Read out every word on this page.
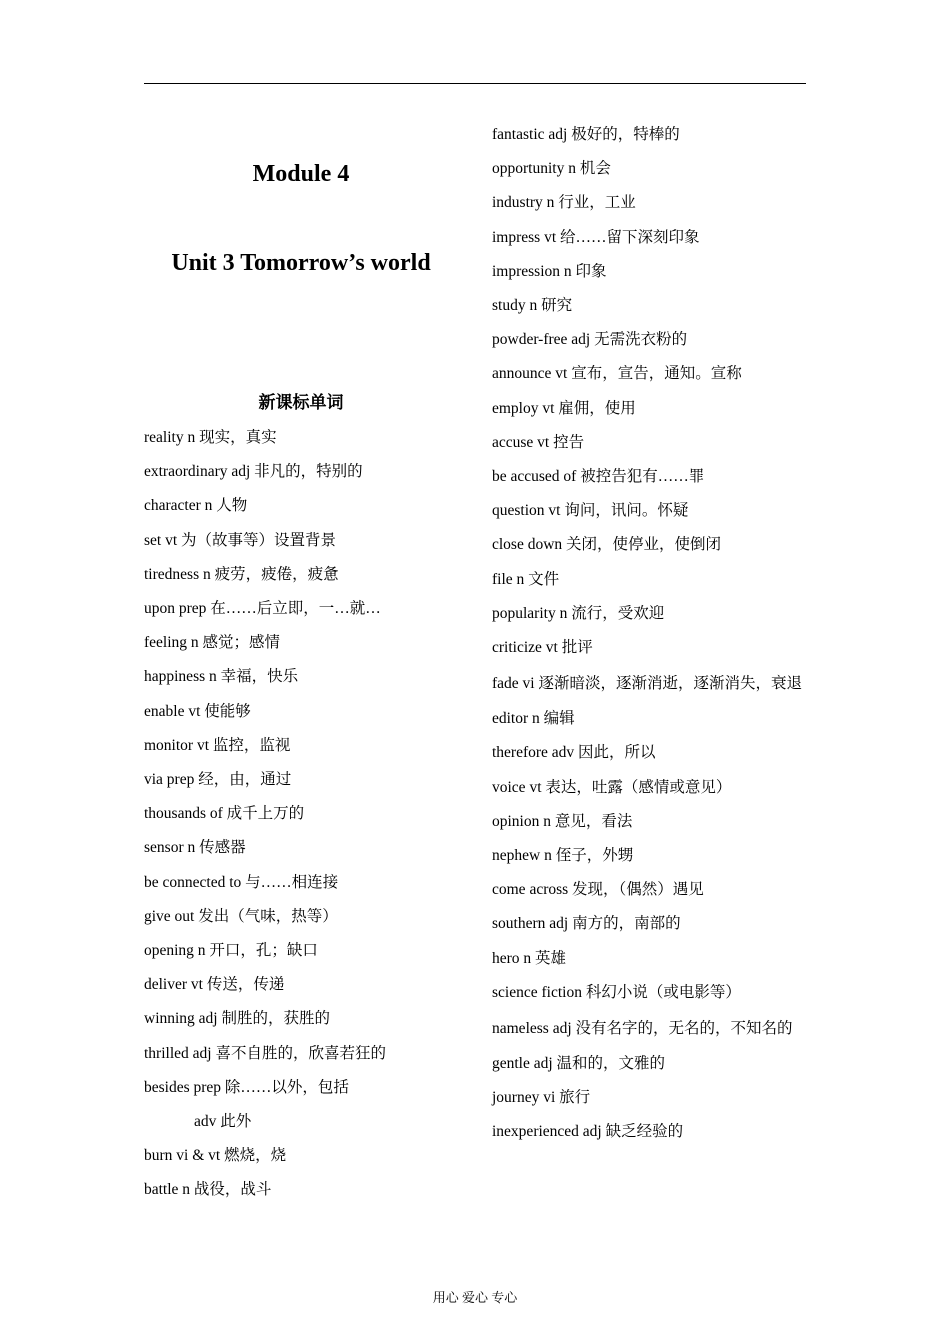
Module 4
Unit 3 Tomorrow’s world
新课标单词
reality n 现实，真实
extraordinary adj 非凡的，特别的
character n 人物
set vt 为（故事等）设置背景
tiredness n 疲劳，疲倦，疲惫
upon prep 在……后立即，一…就…
feeling n 感觉；感情
happiness n 幸福，快乐
enable vt 使能够
monitor vt 监控，监视
via prep 经，由，通过
thousands of 成千上万的
sensor n 传感器
be connected to 与……相连接
give out 发出（气味，热等）
opening n 开口，孔；缺口
deliver vt 传送，传递
winning adj 制胜的，获胜的
thrilled adj 喜不自胜的，欣喜若狂的
besides prep 除……以外，包括
adv 此外
burn vi & vt 燃烧，烧
battle n 战役，战斗
fantastic adj 极好的，特棒的
opportunity n 机会
industry n 行业，工业
impress vt 给……留下深刻印象
impression n 印象
study n 研究
powder-free adj 无需洗衣粉的
announce vt 宣布，宣告，通知。宣称
employ vt 雇佣，使用
accuse vt 控告
be accused of 被控告犯有……罪
question vt 询问，讯问。怀疑
close down 关闭，使停业，使倒闭
file n 文件
popularity n 流行，受欢迎
criticize vt 批评
fade vi 逐渐暗淡，逐渐消逝，逐渐消失，衰退
editor n 编辑
therefore adv 因此，所以
voice vt 表达，吐露（感情或意见）
opinion n 意见，看法
nephew n 侄子，外甥
come across 发现，（偶然）遇见
southern adj 南方的，南部的
hero n 英雄
science fiction 科幻小说（或电影等）
nameless adj 没有名字的，无名的，不知名的
gentle adj 温和的，文雅的
journey vi 旅行
inexperienced adj 缺乏经验的
用心 爱心 专心
